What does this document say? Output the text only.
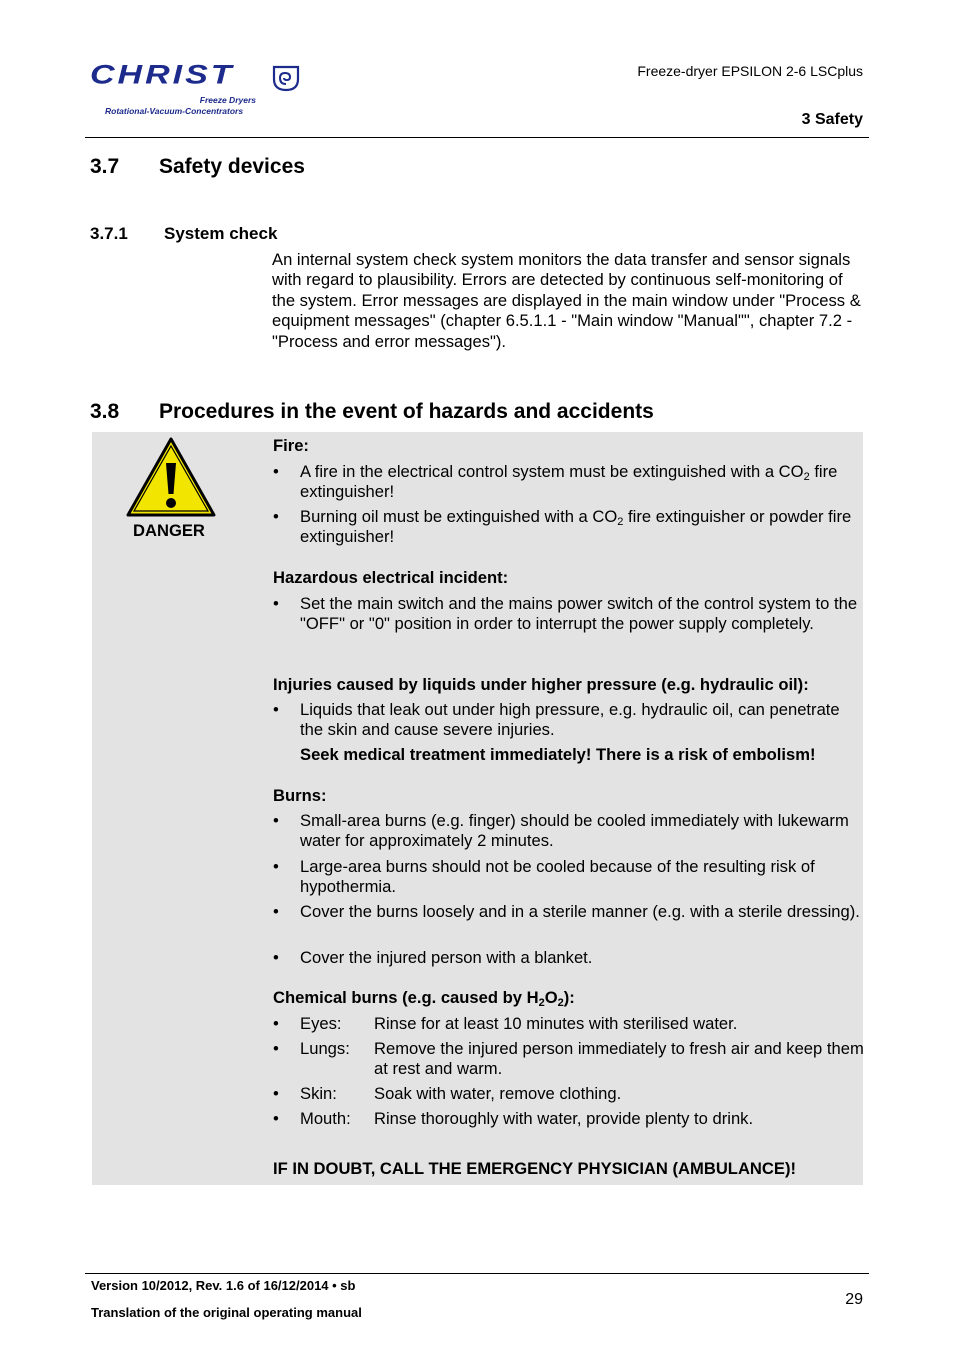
CHRIST
Freeze Dryers
Rotational-Vacuum-Concentrators
Freeze-dryer EPSILON 2-6 LSCplus
3 Safety
3.7 Safety devices
3.7.1 System check
An internal system check system monitors the data transfer and sensor signals with regard to plausibility. Errors are detected by continuous self-monitoring of the system. Error messages are displayed in the main window under "Process & equipment messages" (chapter 6.5.1.1 - "Main window "Manual"", chapter 7.2 - "Process and error messages").
3.8 Procedures in the event of hazards and accidents
DANGER
Fire:
• A fire in the electrical control system must be extinguished with a $CO_2$ fire extinguisher!
• Burning oil must be extinguished with a $CO_2$ fire extinguisher or powder fire extinguisher!
Hazardous electrical incident:
• Set the main switch and the mains power switch of the control system to the "OFF" or "0" position in order to interrupt the power supply completely.
Injuries caused by liquids under higher pressure (e.g. hydraulic oil):
• Liquids that leak out under high pressure, e.g. hydraulic oil, can penetrate the skin and cause severe injuries.
Seek medical treatment immediately! There is a risk of embolism!
Burns:
• Small-area burns (e.g. finger) should be cooled immediately with lukewarm water for approximately 2 minutes.
• Large-area burns should not be cooled because of the resulting risk of hypothermia.
• Cover the burns loosely and in a sterile manner (e.g. with a sterile dressing).
• Cover the injured person with a blanket.
Chemical burns (e.g. caused by $H_2O_2$):
• Eyes: Rinse for at least 10 minutes with sterilised water.
• Lungs: Remove the injured person immediately to fresh air and keep them at rest and warm.
• Skin: Soak with water, remove clothing.
• Mouth: Rinse thoroughly with water, provide plenty to drink.
IF IN DOUBT, CALL THE EMERGENCY PHYSICIAN (AMBULANCE)!
Version 10/2012, Rev. 1.6 of 16/12/2014 • sb
Translation of the original operating manual
29
